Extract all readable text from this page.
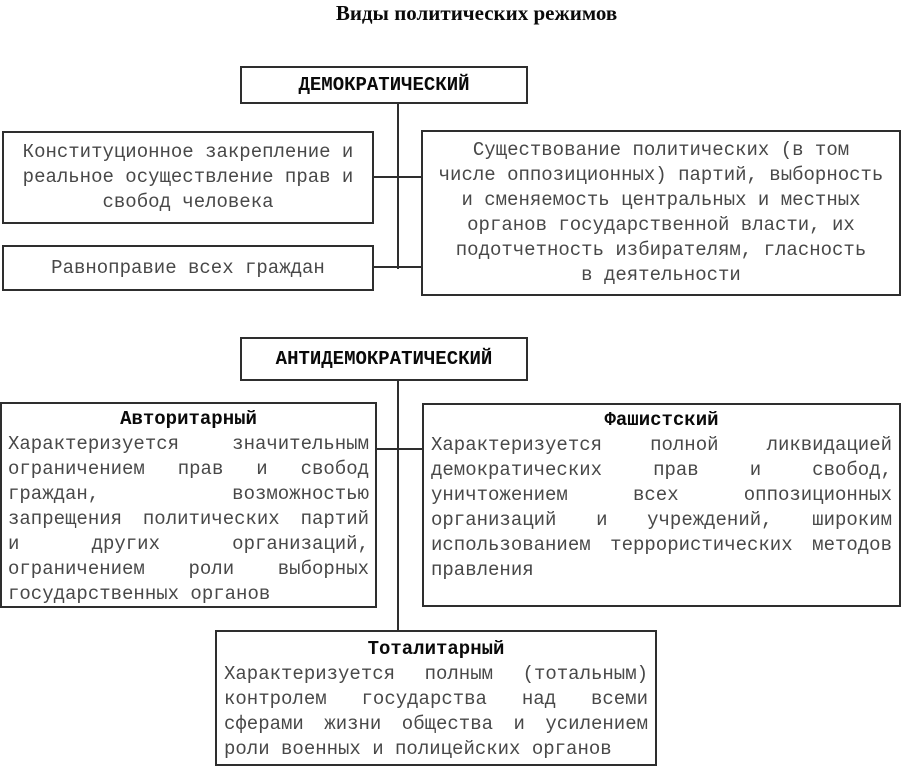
Виды политических режимов
ДЕМОКРАТИЧЕСКИЙ
Конституционное закрепление и
реальное осуществление прав и
свобод человека
Равноправие всех граждан
Существование политических (в том
числе оппозиционных) партий, выборность
и сменяемость центральных и местных
органов государственной власти, их
подотчетность избирателям, гласность
в деятельности
АНТИДЕМОКРАТИЧЕСКИЙ
Авторитарный
Характеризуется значительным
ограничением прав и свобод
граждан, возможностью
запрещения политических партий
и других организаций,
ограничением роли выборных
государственных органов
Фашистский
Характеризуется полной ликвидацией
демократических прав и свобод,
уничтожением всех оппозиционных
организаций и учреждений, широким
использованием террористических методов
правления
Тоталитарный
Характеризуется полным (тотальным)
контролем государства над всеми
сферами жизни общества и усилением
роли военных и полицейских органов
